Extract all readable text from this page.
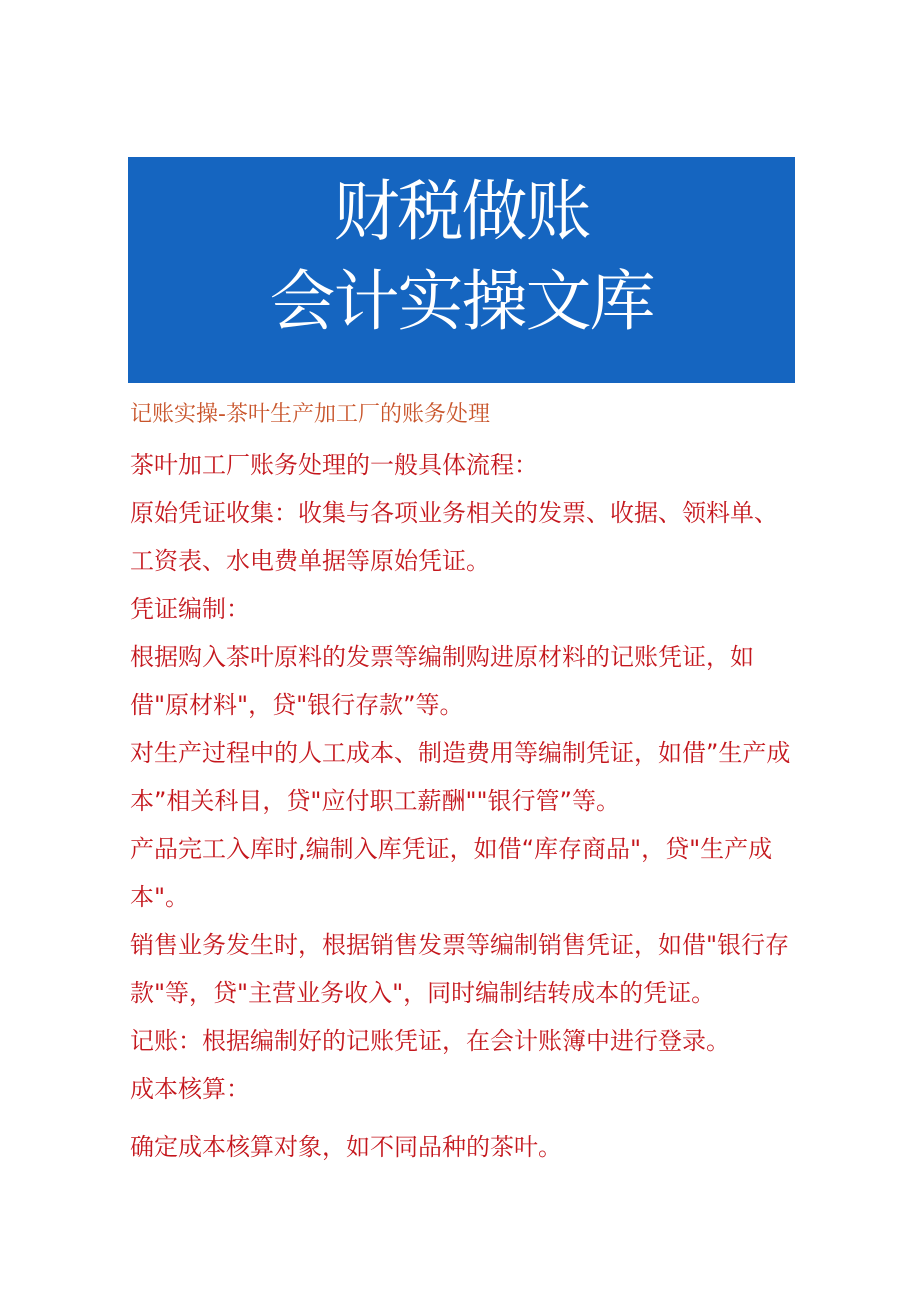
财税做账
会计实操文库

记账实操-茶叶生产加工厂的账务处理

茶叶加工厂账务处理的一般具体流程：

原始凭证收集：收集与各项业务相关的发票、收据、领料单、工资表、水电费单据等原始凭证。

凭证编制：

根据购入茶叶原料的发票等编制购进原材料的记账凭证，如借"原材料"，贷"银行存款”等。

对生产过程中的人工成本、制造费用等编制凭证，如借”生产成本”相关科目，贷"应付职工薪酬""银行管”等。

产品完工入库时,编制入库凭证，如借“库存商品"，贷"生产成本"。

销售业务发生时，根据销售发票等编制销售凭证，如借"银行存款"等，贷"主营业务收入"，同时编制结转成本的凭证。

记账：根据编制好的记账凭证，在会计账簿中进行登录。

成本核算：

确定成本核算对象，如不同品种的茶叶。
